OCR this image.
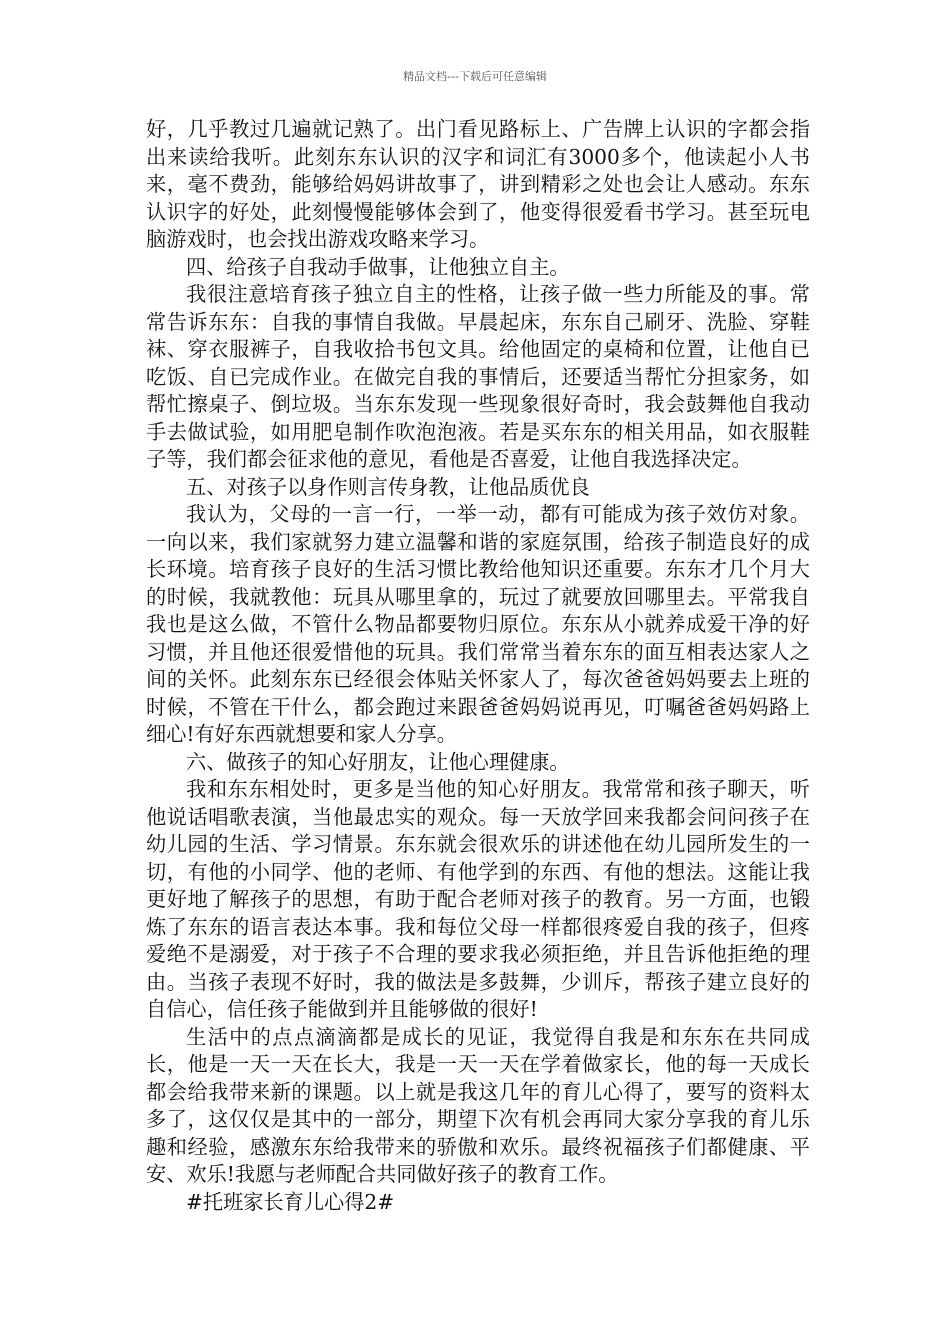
精品文档---下载后可任意编辑

好，几乎教过几遍就记熟了。出门看见路标上、广告牌上认识的字都会指出来读给我听。此刻东东认识的汉字和词汇有3000多个，他读起小人书来，毫不费劲，能够给妈妈讲故事了，讲到精彩之处也会让人感动。东东认识字的好处，此刻慢慢能够体会到了，他变得很爱看书学习。甚至玩电脑游戏时，也会找出游戏攻略来学习。

四、给孩子自我动手做事，让他独立自主。

我很注意培育孩子独立自主的性格，让孩子做一些力所能及的事。常常告诉东东：自我的事情自我做。早晨起床，东东自己刷牙、洗脸、穿鞋袜、穿衣服裤子，自我收拾书包文具。给他固定的桌椅和位置，让他自已吃饭、自已完成作业。在做完自我的事情后，还要适当帮忙分担家务，如帮忙擦桌子、倒垃圾。当东东发现一些现象很好奇时，我会鼓舞他自我动手去做试验，如用肥皂制作吹泡泡液。若是买东东的相关用品，如衣服鞋子等，我们都会征求他的意见，看他是否喜爱，让他自我选择决定。

五、对孩子以身作则言传身教，让他品质优良

我认为，父母的一言一行，一举一动，都有可能成为孩子效仿对象。一向以来，我们家就努力建立温馨和谐的家庭氛围，给孩子制造良好的成长环境。培育孩子良好的生活习惯比教给他知识还重要。东东才几个月大的时候，我就教他：玩具从哪里拿的，玩过了就要放回哪里去。平常我自我也是这么做，不管什么物品都要物归原位。东东从小就养成爱干净的好习惯，并且他还很爱惜他的玩具。我们常常当着东东的面互相表达家人之间的关怀。此刻东东已经很会体贴关怀家人了，每次爸爸妈妈要去上班的时候，不管在干什么，都会跑过来跟爸爸妈妈说再见，叮嘱爸爸妈妈路上细心!有好东西就想要和家人分享。

六、做孩子的知心好朋友，让他心理健康。

我和东东相处时，更多是当他的知心好朋友。我常常和孩子聊天，听他说话唱歌表演，当他最忠实的观众。每一天放学回来我都会问问孩子在幼儿园的生活、学习情景。东东就会很欢乐的讲述他在幼儿园所发生的一切，有他的小同学、他的老师、有他学到的东西、有他的想法。这能让我更好地了解孩子的思想，有助于配合老师对孩子的教育。另一方面，也锻炼了东东的语言表达本事。我和每位父母一样都很疼爱自我的孩子，但疼爱绝不是溺爱，对于孩子不合理的要求我必须拒绝，并且告诉他拒绝的理由。当孩子表现不好时，我的做法是多鼓舞，少训斥，帮孩子建立良好的自信心，信任孩子能做到并且能够做的很好!

生活中的点点滴滴都是成长的见证，我觉得自我是和东东在共同成长，他是一天一天在长大，我是一天一天在学着做家长，他的每一天成长都会给我带来新的课题。以上就是我这几年的育儿心得了，要写的资料太多了，这仅仅是其中的一部分，期望下次有机会再同大家分享我的育儿乐趣和经验，感激东东给我带来的骄傲和欢乐。最终祝福孩子们都健康、平安、欢乐!我愿与老师配合共同做好孩子的教育工作。

#托班家长育儿心得2#
